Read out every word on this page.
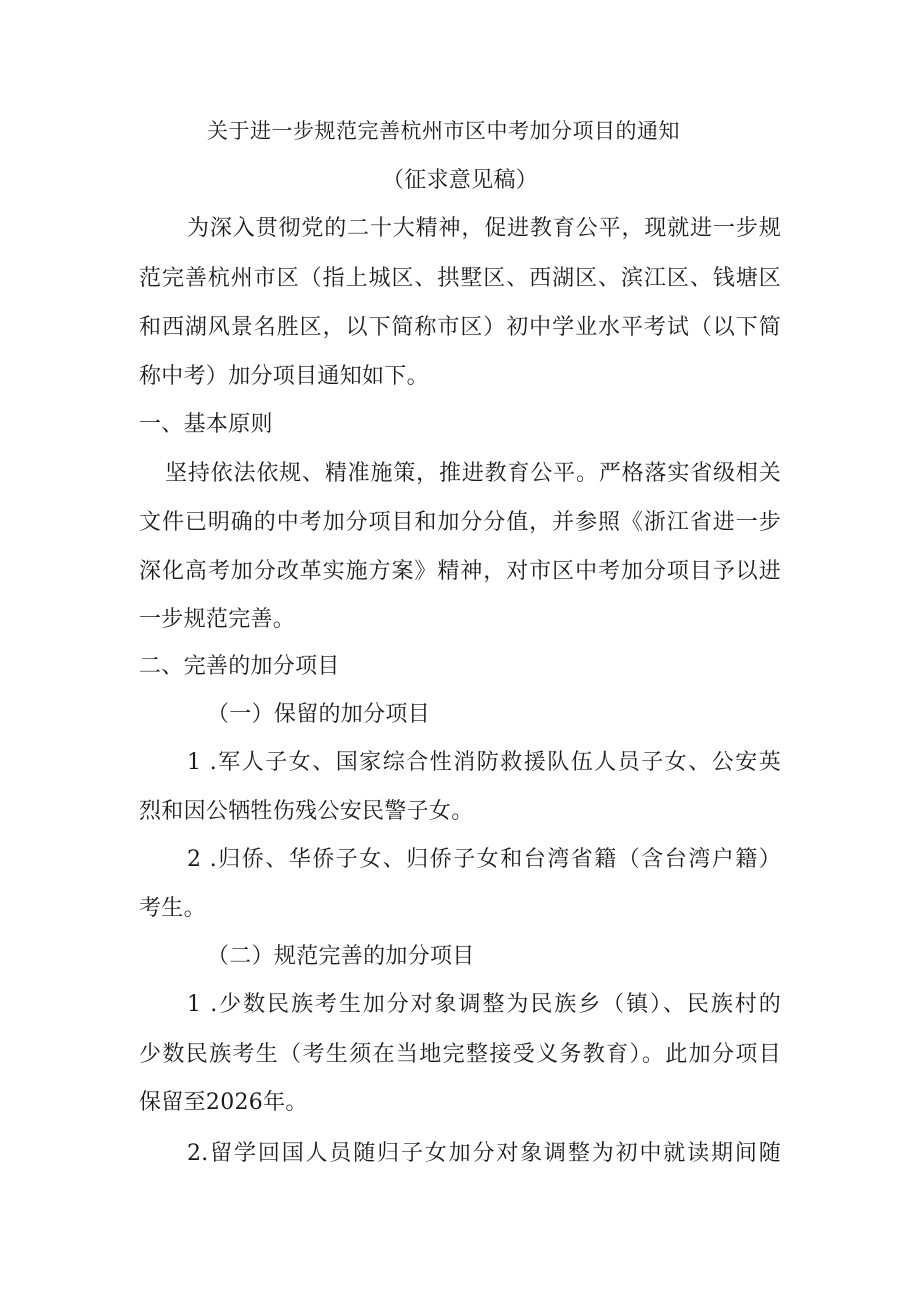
关于进一步规范完善杭州市区中考加分项目的通知
（征求意见稿）
为深入贯彻党的二十大精神，促进教育公平，现就进一步规
范完善杭州市区（指上城区、拱墅区、西湖区、滨江区、钱塘区
和西湖风景名胜区，以下简称市区）初中学业水平考试（以下简
称中考）加分项目通知如下。
一、基本原则
坚持依法依规、精准施策，推进教育公平。严格落实省级相关
文件已明确的中考加分项目和加分分值，并参照《浙江省进一步
深化高考加分改革实施方案》精神，对市区中考加分项目予以进
一步规范完善。
二、完善的加分项目
（一）保留的加分项目
1 .军人子女、国家综合性消防救援队伍人员子女、公安英
烈和因公牺牲伤残公安民警子女。
2 .归侨、华侨子女、归侨子女和台湾省籍（含台湾户籍）
考生。
（二）规范完善的加分项目
1 .少数民族考生加分对象调整为民族乡（镇）、民族村的
少数民族考生（考生须在当地完整接受义务教育）。此加分项目
保留至2026年。
2.留学回国人员随归子女加分对象调整为初中就读期间随
